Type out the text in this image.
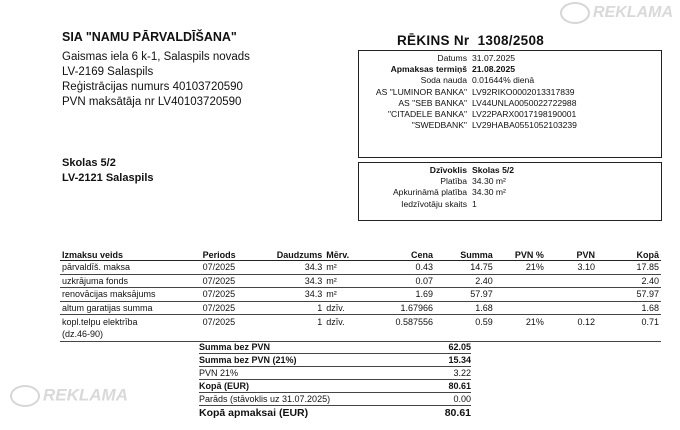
REKLAMA
REKLAMA
SIA "NAMU PĀRVALDĪŠANA"
Gaismas iela 6 k-1, Salaspils novads
LV-2169 Salaspils
Reģistrācijas numurs 40103720590
PVN maksātāja nr LV40103720590
RĒKINS Nr 1308/2508
Datums 31.07.2025
Apmaksas termiņš 21.08.2025
Soda nauda 0.01644% dienā
AS "LUMINOR BANKA" LV92RIKO0002013317839
AS "SEB BANKA" LV44UNLA0050022722988
"CITADELE BANKA" LV22PARX0017198190001
"SWEDBANK" LV29HABA0551052103239
Skolas 5/2
LV-2121 Salaspils
Dzīvoklis Skolas 5/2
Platība 34.30 m²
Apkurināmā platība 34.30 m²
Iedzīvotāju skaits 1
Izmaksu veids	Periods	Daudzums	Mērv.	Cena	Summa	PVN %	PVN	Kopā
pārvaldīš. maksa	07/2025	34.3	m²	0.43	14.75	21%	3.10	17.85
uzkrājuma fonds	07/2025	34.3	m²	0.07	2.40			2.40
renovācijas maksājums	07/2025	34.3	m²	1.69	57.97			57.97
altum garatijas summa	07/2025	1	dzīv.	1.67966	1.68			1.68
kopl.telpu elektrība	07/2025	1	dzīv.	0.587556	0.59	21%	0.12	0.71
(dz.46-90)								
Summa bez PVN	62.05
Summa bez PVN (21%)	15.34
PVN 21%	3.22
Kopā (EUR)	80.61
Parāds (stāvoklis uz 31.07.2025)	0.00
Kopā apmaksai (EUR)	80.61
